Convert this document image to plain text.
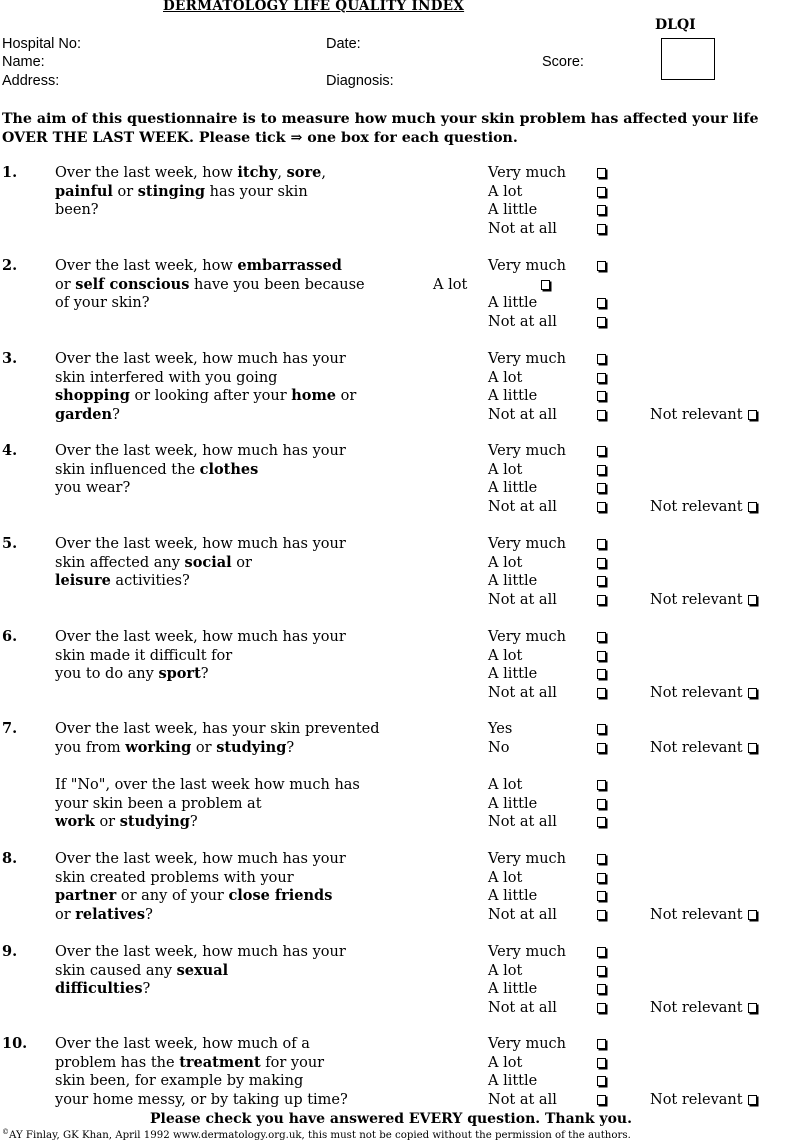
DERMATOLOGY LIFE QUALITY INDEX
DLQI
Hospital No:	Date:
Name:	Score:
Address:	Diagnosis:
The aim of this questionnaire is to measure how much your skin problem has affected your life
OVER THE LAST WEEK. Please tick ⇒ one box for each question.
1.	Over the last week, how itchy, sore,
painful or stinging has your skin
been?
Very much
A lot
A little
Not at all
2.	Over the last week, how embarrassed
or self conscious have you been because
of your skin?
Very much
A lot
A little
Not at all
3.	Over the last week, how much has your
skin interfered with you going
shopping or looking after your home or
garden?
Very much
A lot
A little
Not at all	Not relevant
4.	Over the last week, how much has your
skin influenced the clothes
you wear?
Very much
A lot
A little
Not at all	Not relevant
5.	Over the last week, how much has your
skin affected any social or
leisure activities?
Very much
A lot
A little
Not at all	Not relevant
6.	Over the last week, how much has your
skin made it difficult for
you to do any sport?
Very much
A lot
A little
Not at all	Not relevant
7.	Over the last week, has your skin prevented
you from working or studying?
Yes
No	Not relevant
If "No", over the last week how much has
your skin been a problem at
work or studying?
A lot
A little
Not at all
8.	Over the last week, how much has your
skin created problems with your
partner or any of your close friends
or relatives?
Very much
A lot
A little
Not at all	Not relevant
9.	Over the last week, how much has your
skin caused any sexual
difficulties?
Very much
A lot
A little
Not at all	Not relevant
10. Over the last week, how much of a
problem has the treatment for your
skin been, for example by making
your home messy, or by taking up time?
Very much
A lot
A little
Not at all	Not relevant
Please check you have answered EVERY question. Thank you.
©AY Finlay, GK Khan, April 1992 www.dermatology.org.uk, this must not be copied without the permission of the authors.
